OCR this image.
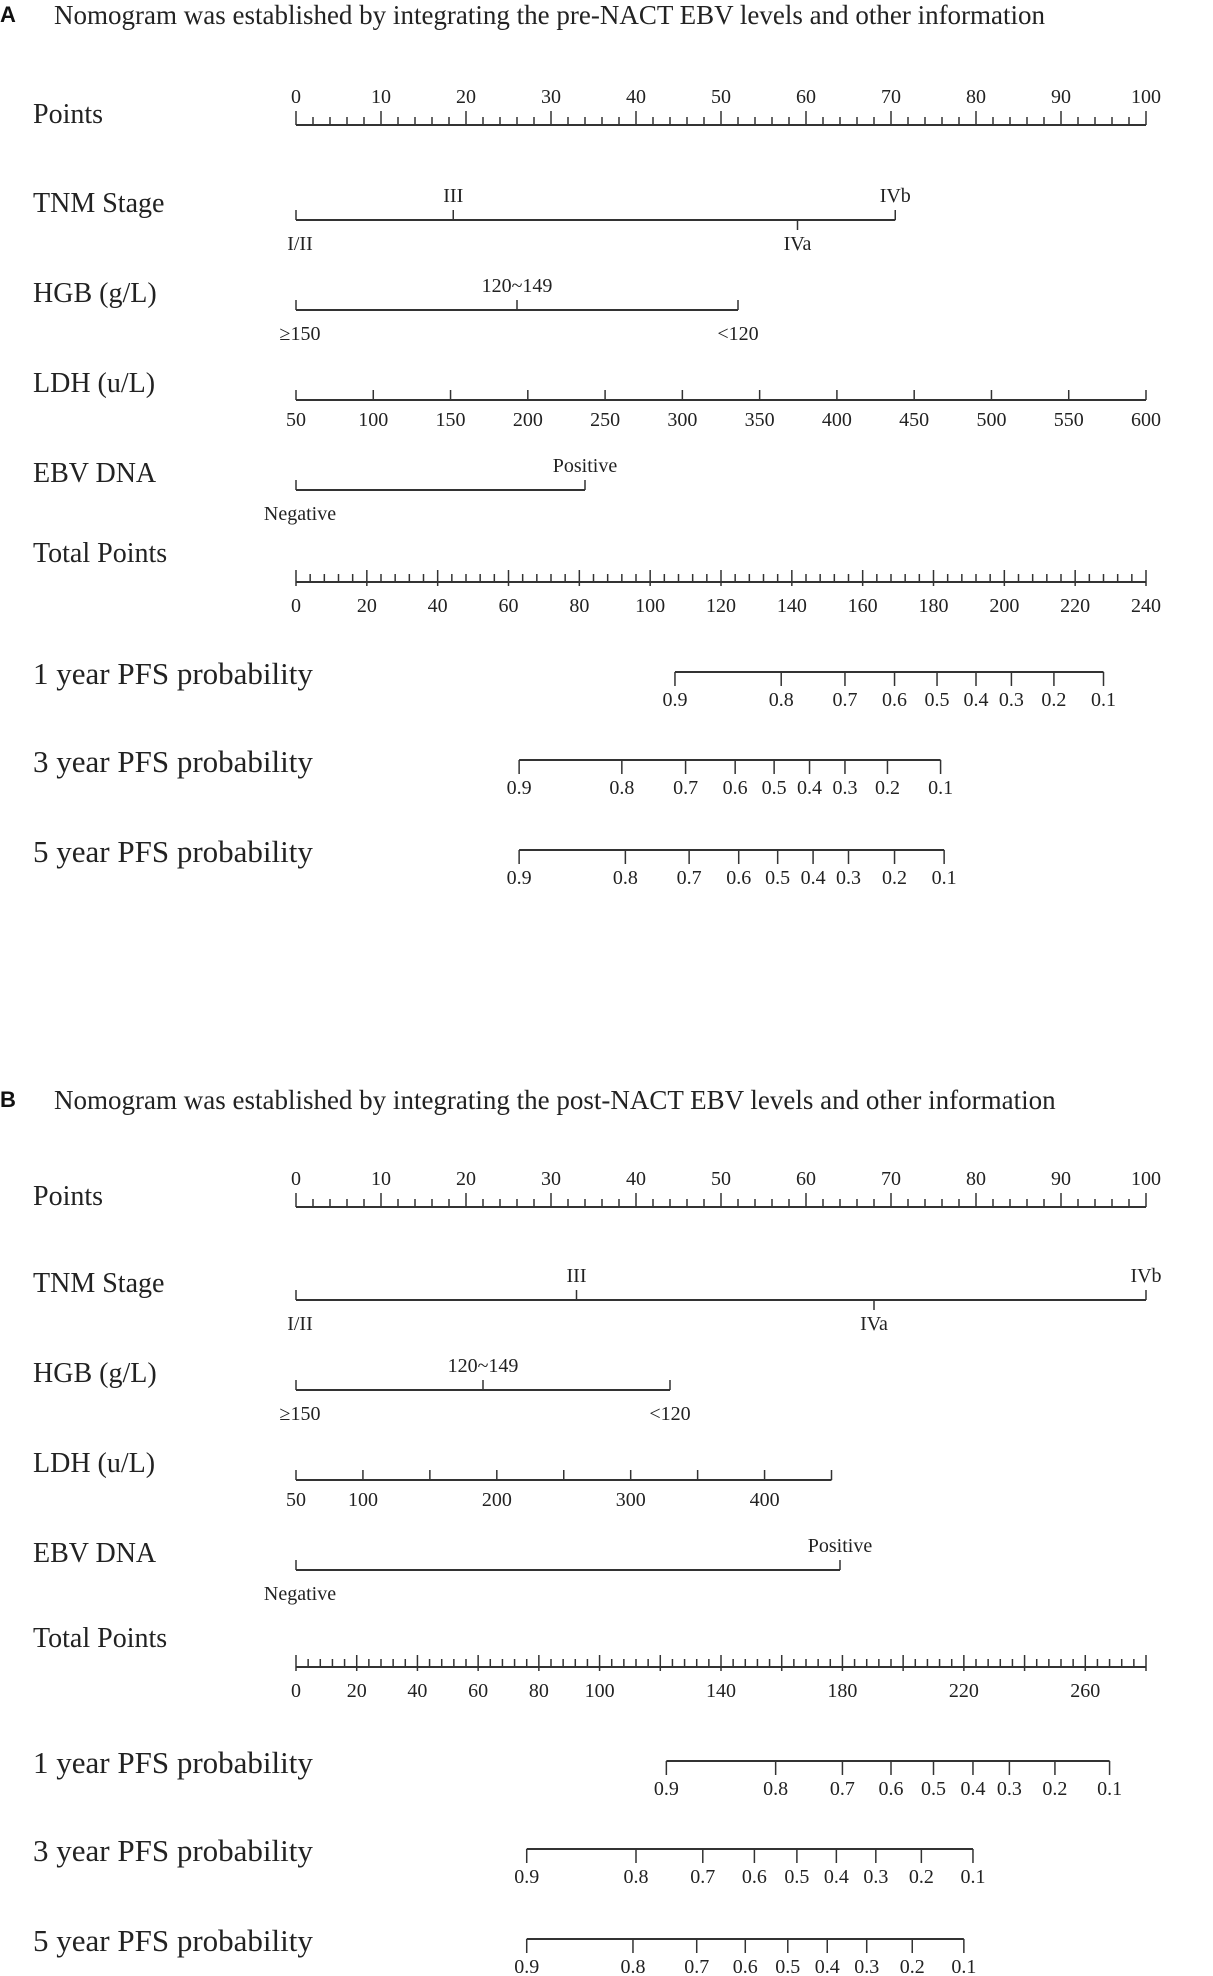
A Nomogram was established by integrating the pre-NACT EBV levels and other information
Points
0	10	20	30	40	50	60	70	80	90	100
TNM Stage
I/II
III
IVa
IVb
HGB (g/L)
≥150
120~149
<120
LDH (u/L)
50	100 150 200 250 300 350 400 450 500 550 600
EBV DNA
Negative
Positive
Total Points
0	20	40	60	80 100 120 140 160 180 200 220 240
1 year PFS probability
0.9	0.8 0.7 0.6 0.5 0.4 0.3 0.2 0.1
3 year PFS probability
0.9	0.8 0.7 0.6 0.5 0.4 0.3 0.2 0.1
5 year PFS probability
0.9	0.8 0.7 0.6 0.5 0.4 0.3 0.2 0.1
B Nomogram was established by integrating the post-NACT EBV levels and other information
Points
0	10	20	30	40	50	60	70	80	90	100
TNM Stage
I/II
III
IVa
IVb
HGB (g/L)
≥150
120~149
<120
LDH (u/L)
50 100	200	300	400
EBV DNA
Negative
Positive
Total Points
0 20 40 60 80 100	140	180	220	260
1 year PFS probability
0.9	0.8 0.7 0.6 0.5 0.4 0.3 0.2 0.1
3 year PFS probability
0.9	0.8 0.7 0.6 0.5 0.4 0.3 0.2 0.1
5 year PFS probability
0.9	0.8 0.7 0.6 0.5 0.4 0.3 0.2 0.1
